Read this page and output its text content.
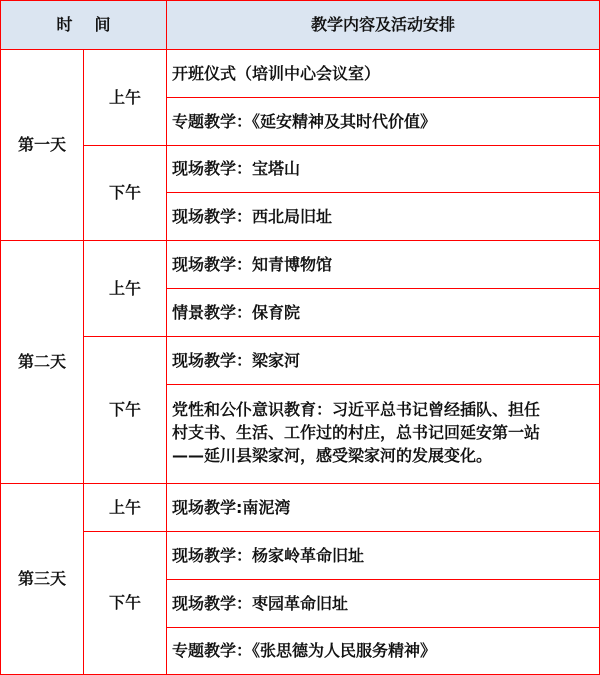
时 间	教学内容及活动安排
第一天
上午
开班仪式（培训中心会议室）
专题教学：《延安精神及其时代价值》
下午
现场教学：宝塔山
现场教学：西北局旧址
第二天
上午
现场教学：知青博物馆
情景教学：保育院
下午
现场教学：梁家河
党性和公仆意识教育：习近平总书记曾经插队、担任
村支书、生活、工作过的村庄，总书记回延安第一站
——延川县梁家河，感受梁家河的发展变化。
第三天
上午	现场教学:南泥湾
下午
现场教学：杨家岭革命旧址
现场教学：枣园革命旧址
专题教学：《张思德为人民服务精神》
